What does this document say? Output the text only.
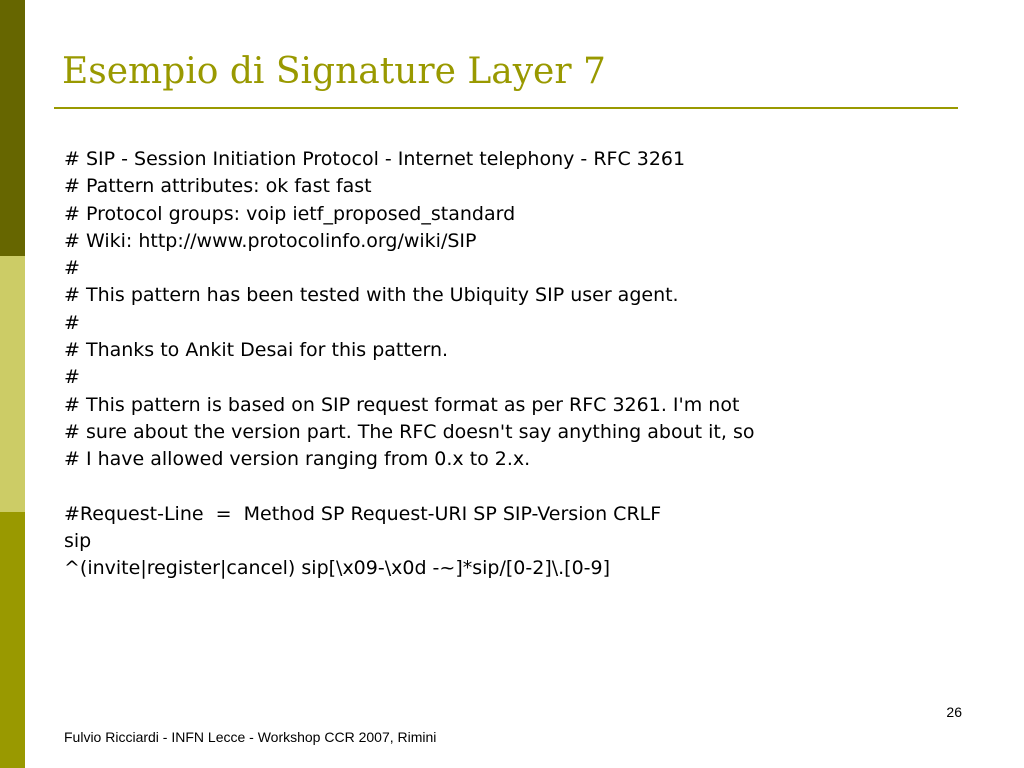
Esempio di Signature Layer 7
# SIP - Session Initiation Protocol - Internet telephony - RFC 3261
# Pattern attributes: ok fast fast
# Protocol groups: voip ietf_proposed_standard
# Wiki: http://www.protocolinfo.org/wiki/SIP
#
# This pattern has been tested with the Ubiquity SIP user agent.
#
# Thanks to Ankit Desai for this pattern.
#
# This pattern is based on SIP request format as per RFC 3261. I'm not
# sure about the version part. The RFC doesn't say anything about it, so
# I have allowed version ranging from 0.x to 2.x.
#Request-Line  =  Method SP Request-URI SP SIP-Version CRLF
sip
^(invite|register|cancel) sip[\x09-\x0d -~]*sip/[0-2]\.[0-9]
26
Fulvio Ricciardi - INFN Lecce - Workshop CCR 2007, Rimini
